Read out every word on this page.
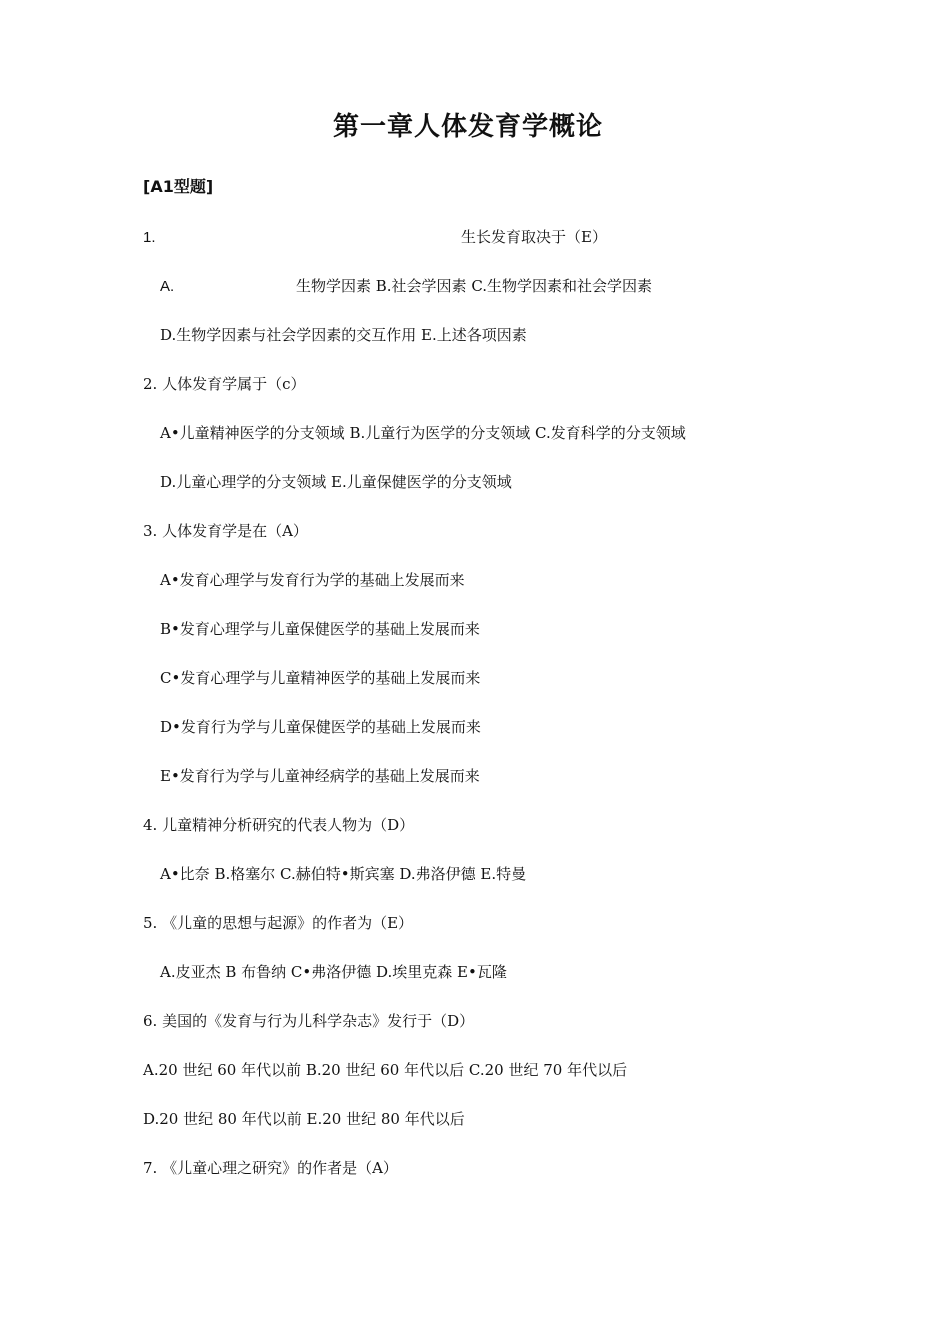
第一章人体发育学概论
[A1型题]
1.	生长发育取决于（E）
A.	生物学因素 B.社会学因素 C.生物学因素和社会学因素
D.生物学因素与社会学因素的交互作用 E.上述各项因素
2. 人体发育学属于（c）
A•儿童精神医学的分支领域 B.儿童行为医学的分支领域 C.发育科学的分支领域
D.儿童心理学的分支领域 E.儿童保健医学的分支领域
3. 人体发育学是在（A）
A•发育心理学与发育行为学的基础上发展而来
B•发育心理学与儿童保健医学的基础上发展而来
C•发育心理学与儿童精神医学的基础上发展而来
D•发育行为学与儿童保健医学的基础上发展而来
E•发育行为学与儿童神经病学的基础上发展而来
4. 儿童精神分析研究的代表人物为（D）
A•比奈 B.格塞尔 C.赫伯特•斯宾塞 D.弗洛伊德 E.特曼
5. 《儿童的思想与起源》的作者为（E）
A.皮亚杰 B 布鲁纳 C•弗洛伊德 D.埃里克森 E•瓦隆
6. 美国的《发育与行为儿科学杂志》发行于（D）
A.20 世纪 60 年代以前 B.20 世纪 60 年代以后 C.20 世纪 70 年代以后
D.20 世纪 80 年代以前 E.20 世纪 80 年代以后
7. 《儿童心理之研究》的作者是（A）
